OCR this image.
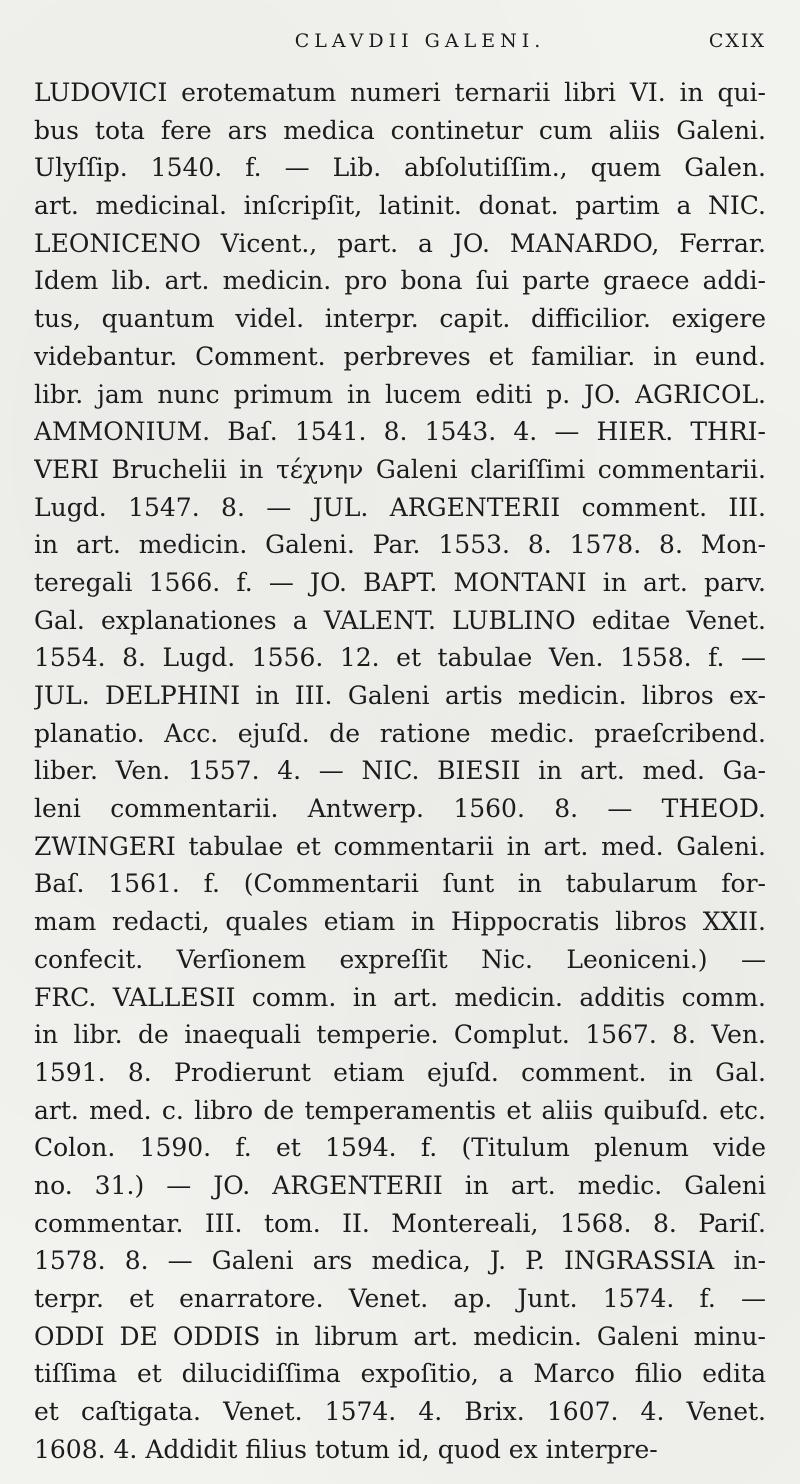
CLAVDII GALENI.	CXIX
LUDOVICI erotematum numeri ternarii libri VI. in qui-
bus tota fere ars medica continetur cum aliis Galeni.
Ulyſſip. 1540. f. — Lib. abſolutiſſim., quem Galen.
art. medicinal. inſcripſit, latinit. donat. partim a NIC.
LEONICENO Vicent., part. a JO. MANARDO, Ferrar.
Idem lib. art. medicin. pro bona ſui parte graece addi-
tus, quantum videl. interpr. capit. difficilior. exigere
videbantur. Comment. perbreves et familiar. in eund.
libr. jam nunc primum in lucem editi p. JO. AGRICOL.
AMMONIUM. Baſ. 1541. 8. 1543. 4. — HIER. THRI-
VERI Bruchelii in τέχνην Galeni clariſſimi commentarii.
Lugd. 1547. 8. — JUL. ARGENTERII comment. III.
in art. medicin. Galeni. Par. 1553. 8. 1578. 8. Mon-
teregali 1566. f. — JO. BAPT. MONTANI in art. parv.
Gal. explanationes a VALENT. LUBLINO editae Venet.
1554. 8. Lugd. 1556. 12. et tabulae Ven. 1558. f. —
JUL. DELPHINI in III. Galeni artis medicin. libros ex-
planatio. Acc. ejuſd. de ratione medic. praeſcribend.
liber. Ven. 1557. 4. — NIC. BIESII in art. med. Ga-
leni commentarii. Antwerp. 1560. 8. — THEOD.
ZWINGERI tabulae et commentarii in art. med. Galeni.
Baſ. 1561. f. (Commentarii ſunt in tabularum for-
mam redacti, quales etiam in Hippocratis libros XXII.
confecit. Verſionem expreſſit Nic. Leoniceni.) —
FRC. VALLESII comm. in art. medicin. additis comm.
in libr. de inaequali temperie. Complut. 1567. 8. Ven.
1591. 8. Prodierunt etiam ejuſd. comment. in Gal.
art. med. c. libro de temperamentis et aliis quibuſd. etc.
Colon. 1590. f. et 1594. f. (Titulum plenum vide
no. 31.) — JO. ARGENTERII in art. medic. Galeni
commentar. III. tom. II. Montereali, 1568. 8. Pariſ.
1578. 8. — Galeni ars medica, J. P. INGRASSIA in-
terpr. et enarratore. Venet. ap. Junt. 1574. f. —
ODDI DE ODDIS in librum art. medicin. Galeni minu-
tiſſima et dilucidiſſima expoſitio, a Marco filio edita
et caſtigata. Venet. 1574. 4. Brix. 1607. 4. Venet.
1608. 4. Addidit filius totum id, quod ex interpre-
